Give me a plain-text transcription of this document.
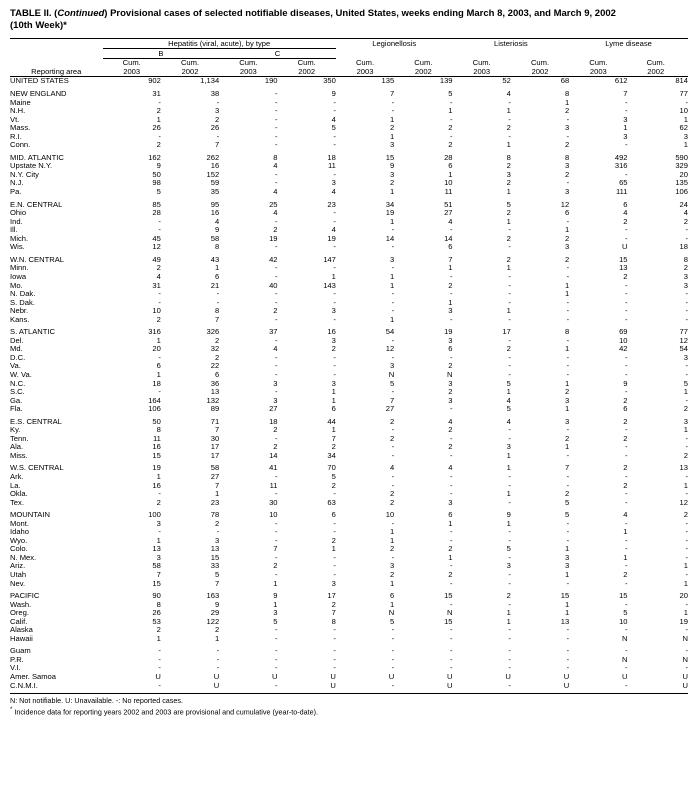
TABLE II. (Continued) Provisional cases of selected notifiable diseases, United States, weeks ending March 8, 2003, and March 9, 2002
(10th Week)*
	Hepatitis (viral, acute), by type				Legionellosis		Listeriosis		Lyme disease	
	B		C							
	Cum.	Cum.	Cum.	Cum.	Cum.	Cum.	Cum.	Cum.	Cum.	Cum.
Reporting area	2003	2002	2003	2002	2003	2002	2003	2002	2003	2002
UNITED STATES	902	1,134	190	350	135	139	52	68	612	814

NEW ENGLAND	31	38	-	9	7	5	4	8	7	77
Maine	-	-	-	-	-	-	-	1	-	-
N.H.	2	3	-	-	-	1	1	2	-	10
Vt.	1	2	-	4	1	-	-	-	3	1
Mass.	26	26	-	5	2	2	2	3	1	62
R.I.	-	-	-	-	1	-	-	-	3	3
Conn.	2	7	-	-	3	2	1	2	-	1

MID. ATLANTIC	162	262	8	18	15	28	8	8	492	590
Upstate N.Y.	9	16	4	11	9	6	2	3	316	329
N.Y. City	50	152	-	-	3	1	3	2	-	20
N.J.	98	59	-	3	2	10	2	-	65	135
Pa.	5	35	4	4	1	11	1	3	111	106

E.N. CENTRAL	85	95	25	23	34	51	5	12	6	24
Ohio	28	16	4	-	19	27	2	6	4	4
Ind.	-	4	-	-	1	4	1	-	2	2
Ill.	-	9	2	4	-	-	-	1	-	-
Mich.	45	58	19	19	14	14	2	2	-	-
Wis.	12	8	-	-	-	6	-	3	U	18

W.N. CENTRAL	49	43	42	147	3	7	2	2	15	8
Minn.	2	1	-	-	-	1	1	-	13	2
Iowa	4	6	-	1	1	-	-	-	2	3
Mo.	31	21	40	143	1	2	-	1	-	3
N. Dak.	-	-	-	-	-	-	-	1	-	-
S. Dak.	-	-	-	-	-	1	-	-	-	-
Nebr.	10	8	2	3	-	3	1	-	-	-
Kans.	2	7	-	-	1	-	-	-	-	-

S. ATLANTIC	316	326	37	16	54	19	17	8	69	77
Del.	1	2	-	3	-	3	-	-	10	12
Md.	20	32	4	2	12	6	2	1	42	54
D.C.	-	2	-	-	-	-	-	-	-	3
Va.	6	22	-	-	3	2	-	-	-	-
W. Va.	1	6	-	-	N	N	-	-	-	-
N.C.	18	36	3	3	5	3	5	1	9	5
S.C.	-	13	-	1	-	2	1	2	-	1
Ga.	164	132	3	1	7	3	4	3	2	-
Fla.	106	89	27	6	27	-	5	1	6	2

E.S. CENTRAL	50	71	18	44	2	4	4	3	2	3
Ky.	8	7	2	1	-	2	-	-	-	1
Tenn.	11	30	-	7	2	-	-	2	2	-
Ala.	16	17	2	2	-	2	3	1	-	-
Miss.	15	17	14	34	-	-	1	-	-	2

W.S. CENTRAL	19	58	41	70	4	4	1	7	2	13
Ark.	1	27	-	5	-	-	-	-	-	-
La.	16	7	11	2	-	-	-	-	2	1
Okla.	-	1	-	-	2	-	1	2	-	-
Tex.	2	23	30	63	2	3	-	5	-	12

MOUNTAIN	100	78	10	6	10	6	9	5	4	2
Mont.	3	2	-	-	-	1	1	-	-	-
Idaho	-	-	-	-	1	-	-	-	1	-
Wyo.	1	3	-	2	1	-	-	-	-	-
Colo.	13	13	7	1	2	2	5	1	-	-
N. Mex.	3	15	-	-	-	1	-	3	1	-
Ariz.	58	33	2	-	3	-	3	3	-	1
Utah	7	5	-	-	2	2	-	1	2	-
Nev.	15	7	1	3	1	-	-	-	-	1

PACIFIC	90	163	9	17	6	15	2	15	15	20
Wash.	8	9	1	2	1	-	-	1	-	-
Oreg.	26	29	3	7	N	N	1	1	5	1
Calif.	53	122	5	8	5	15	1	13	10	19
Alaska	2	2	-	-	-	-	-	-	-	-
Hawaii	1	1	-	-	-	-	-	-	N	N

Guam	-	-	-	-	-	-	-	-	-	-
P.R.	-	-	-	-	-	-	-	-	N	N
V.I.	-	-	-	-	-	-	-	-	-	-
Amer. Samoa	U	U	U	U	U	U	U	U	U	U
C.N.M.I.	-	U	-	U	-	U	-	U	-	U
N: Not notifiable. U: Unavailable. -: No reported cases.
* Incidence data for reporting years 2002 and 2003 are provisional and cumulative (year-to-date).
